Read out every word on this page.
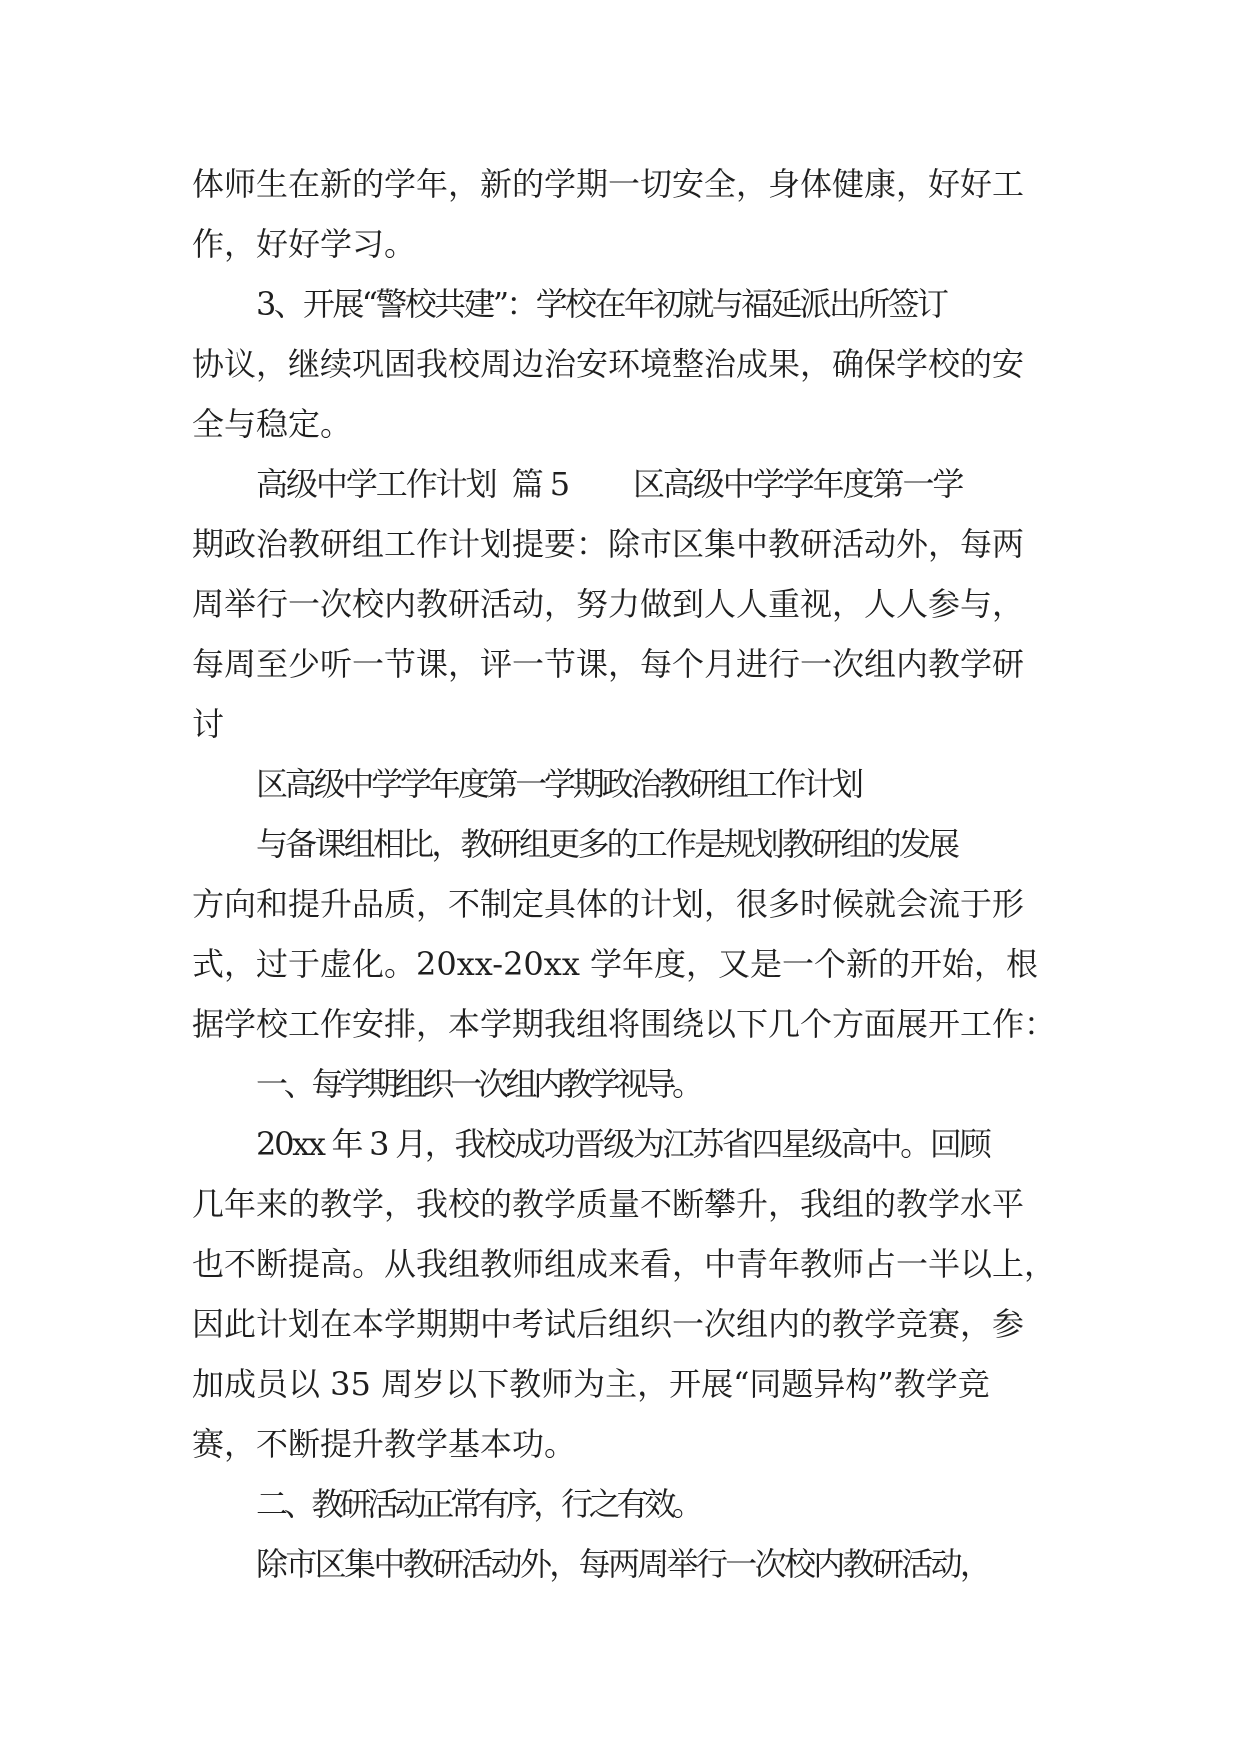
体师生在新的学年，新的学期一切安全，身体健康，好好工

作，好好学习。

3、开展“警校共建”：学校在年初就与福延派出所签订

协议，继续巩固我校周边治安环境整治成果，确保学校的安

全与稳定。

高级中学工作计划  篇 5        区高级中学学年度第一学

期政治教研组工作计划提要：除市区集中教研活动外，每两

周举行一次校内教研活动，努力做到人人重视，人人参与，

每周至少听一节课，评一节课，每个月进行一次组内教学研

讨

区高级中学学年度第一学期政治教研组工作计划

与备课组相比，教研组更多的工作是规划教研组的发展

方向和提升品质，不制定具体的计划，很多时候就会流于形

式，过于虚化。20xx-20xx 学年度，又是一个新的开始，根

据学校工作安排，本学期我组将围绕以下几个方面展开工作：

一、每学期组织一次组内教学视导。

20xx 年 3 月，我校成功晋级为江苏省四星级高中。回顾

几年来的教学，我校的教学质量不断攀升，我组的教学水平

也不断提高。从我组教师组成来看，中青年教师占一半以上，

因此计划在本学期期中考试后组织一次组内的教学竞赛，参

加成员以 35 周岁以下教师为主，开展“同题异构”教学竞

赛，不断提升教学基本功。

二、教研活动正常有序，行之有效。

除市区集中教研活动外，每两周举行一次校内教研活动，
